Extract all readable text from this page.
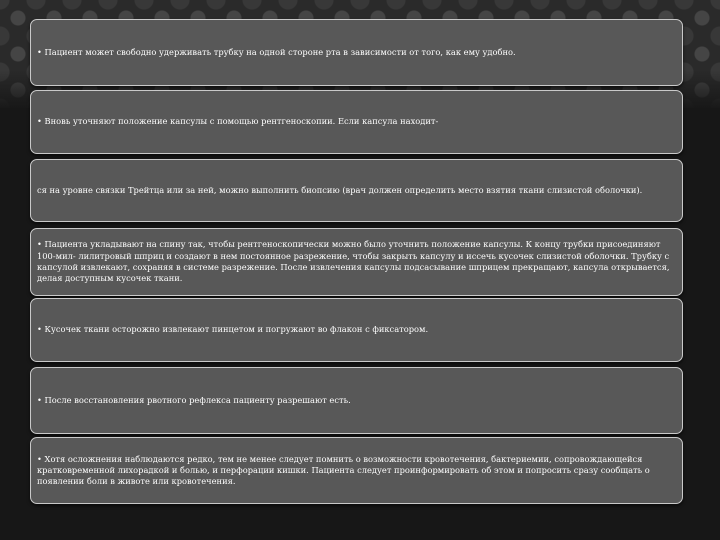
• Пациент может свободно удерживать трубку на одной стороне рта в зависимости от того, как ему удобно.
• Вновь уточняют положение капсулы с помощью рентгеноскопии. Если капсула находит-
ся на уровне связки Трейтца или за ней, можно выполнить биопсию (врач должен определить место взятия ткани слизистой оболочки).
• Пациента укладывают на спину так, чтобы рентгеноскопически можно было уточнить положение капсулы. К концу трубки присоединяют 100-мил- лилитровый шприц и создают в нем постоянное разрежение, чтобы закрыть капсулу и иссечь кусочек слизистой оболочки. Трубку с капсулой извлекают, сохраняя в системе разрежение. После извлечения капсулы подсасывание шприцем прекращают, капсула открывается, делая доступным кусочек ткани.
• Кусочек ткани осторожно извлекают пинцетом и погружают во флакон с фиксатором.
• После восстановления рвотного рефлекса пациенту разрешают есть.
• Хотя осложнения наблюдаются редко, тем не менее следует помнить о возможности кровотечения, бактериемии, сопровождающейся кратковременной лихорадкой и болью, и перфорации кишки. Пациента следует проинформировать об этом и попросить сразу сообщать о появлении боли в животе или кровотечения.
